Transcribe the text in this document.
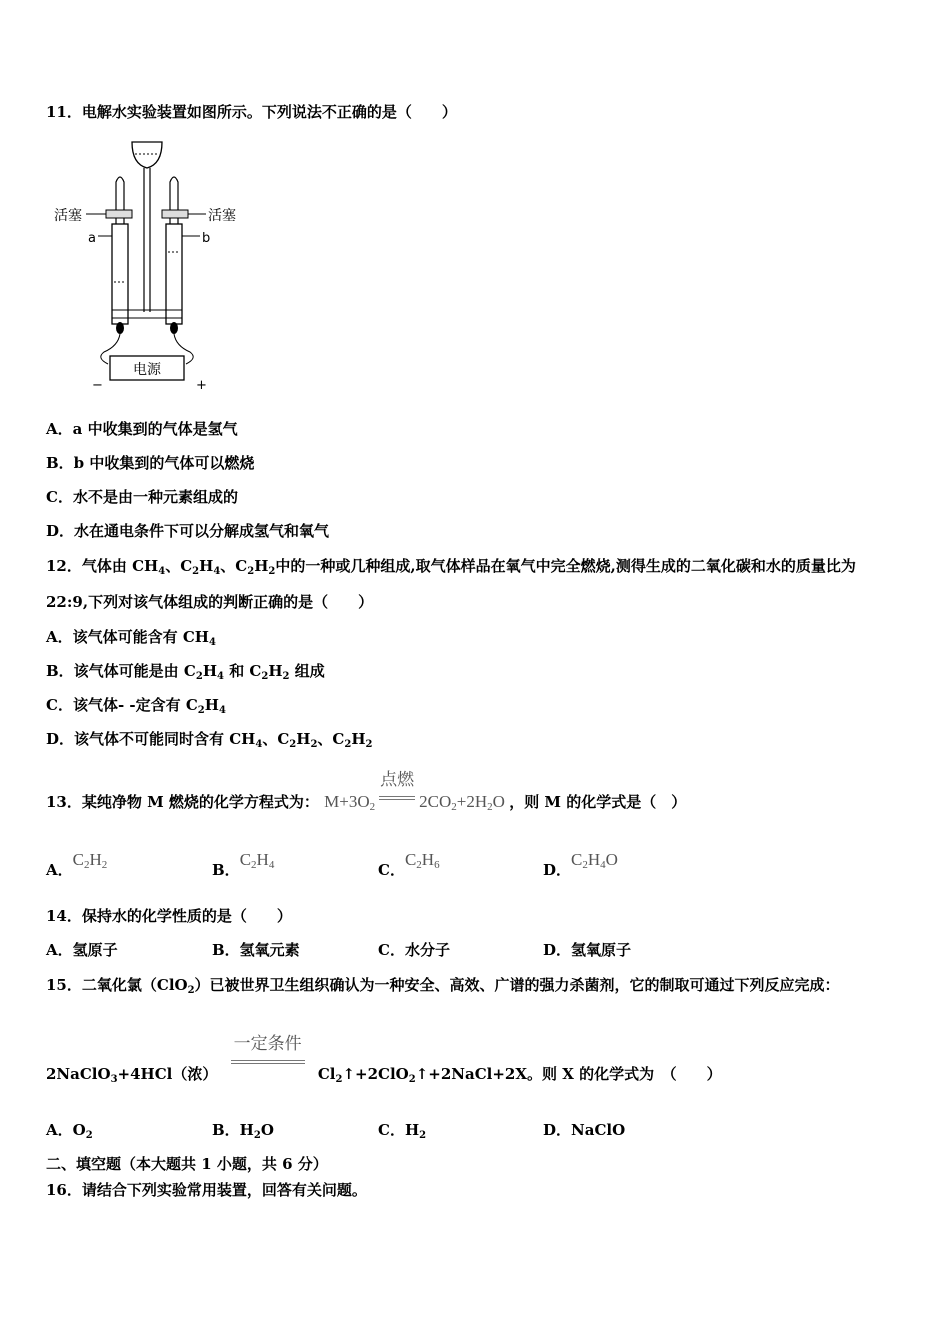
11．电解水实验装置如图所示。下列说法不正确的是（　　）
活塞	活塞
a	b
电源
−	+
A．a 中收集到的气体是氢气
B．b 中收集到的气体可以燃烧
C．水不是由一种元素组成的
D．水在通电条件下可以分解成氢气和氧气
12．气体由 $CH_4$、$C_2H_4$、$C_2H_2$中的一种或几种组成,取气体样品在氧气中完全燃烧,测得生成的二氧化碳和水的质量比为
22:9,下列对该气体组成的判断正确的是（　　）
A．该气体可能含有 $CH_4$
B．该气体可能是由 $C_2H_4$ 和 $C_2H_2$ 组成
C．该气体- -定含有 $C_2H_4$
D．该气体不可能同时含有 $CH_4$、$C_2H_2$、$C_2H_2$
13．某纯净物 M 燃烧的化学方程式为： $M+3O_2$
点燃
$2CO_2+2H_2O$ ，则 M 的化学式是（　）
A．$C_2H_2$	B．$C_2H_4$	C．$C_2H_6$	D．$C_2H_4O$
14．保持水的化学性质的是（　　）
A．氢原子	B．氢氧元素	C．水分子	D．氢氧原子
15．二氧化氯（ClO$_2$）已被世界卫生组织确认为一种安全、高效、广谱的强力杀菌剂，它的制取可通过下列反应完成：
2NaClO$_3$+4HCl（浓）
一定条件
$Cl_2↑+2ClO_2↑+2NaCl+2X$。则 X 的化学式为　（　　）
A．$O_2$	B．$H_2O$	C．$H_2$	D．NaClO
二、填空题（本大题共 1 小题，共 6 分）
16．请结合下列实验常用装置，回答有关问题。
